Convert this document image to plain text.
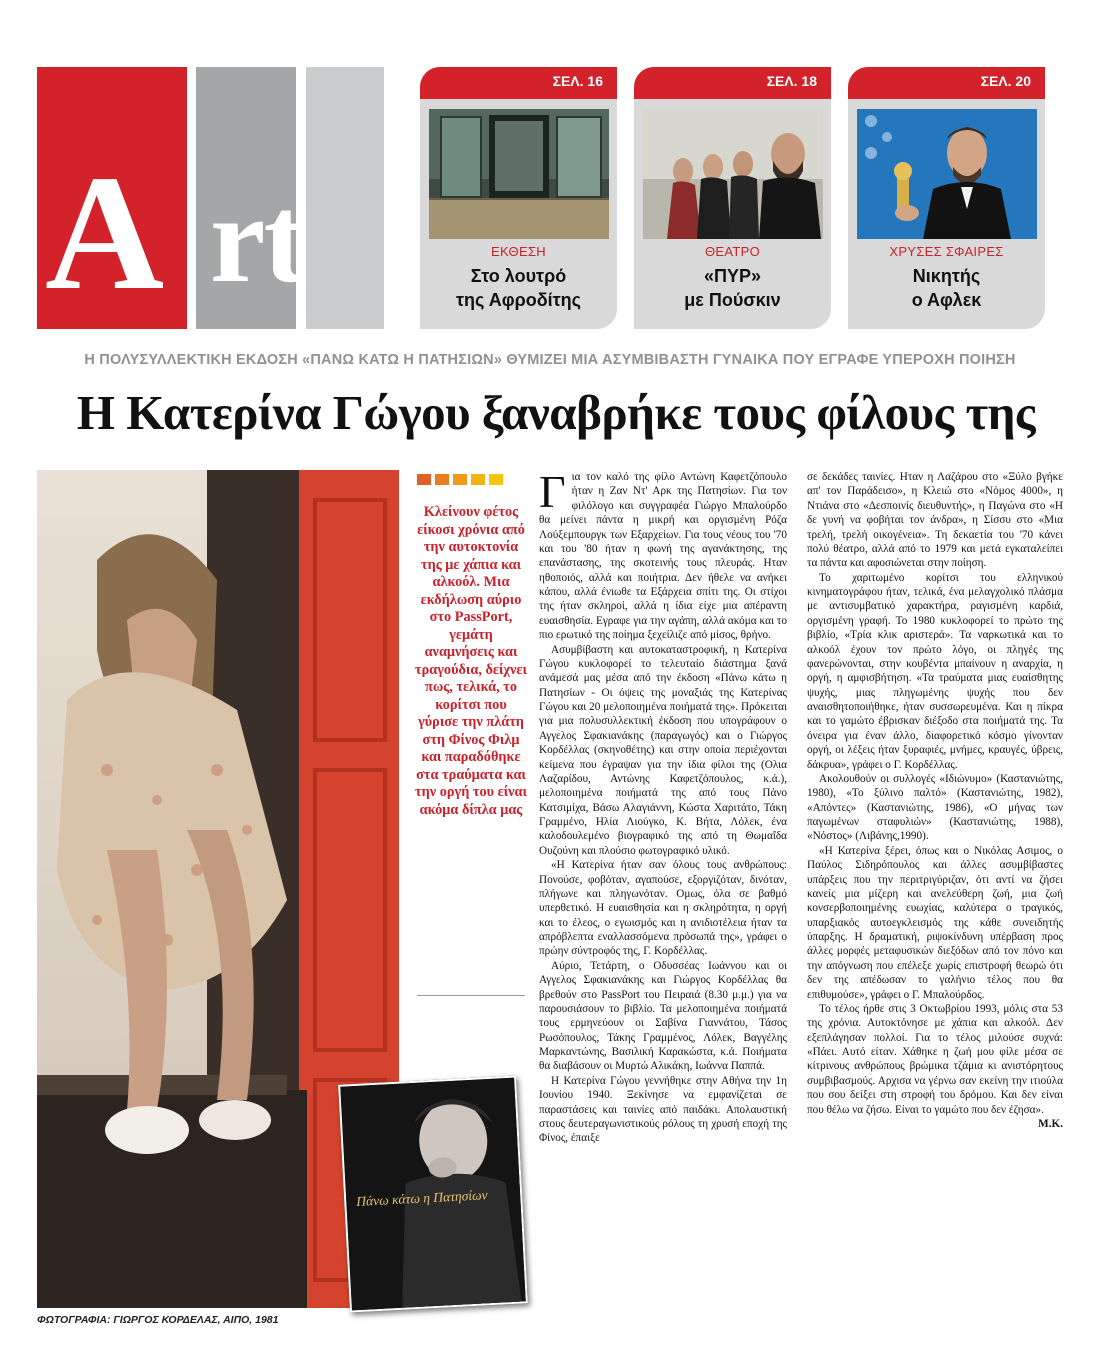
A rt
ΣΕΛ. 16
ΕΚΘΕΣΗ
Στο λουτρό
της Αφροδίτης
ΣΕΛ. 18
ΘΕΑΤΡΟ
«ΠΥΡ»
με Πούσκιν
ΣΕΛ. 20
ΧΡΥΣΕΣ ΣΦΑΙΡΕΣ
Νικητής
ο Αφλεκ
Η ΠΟΛΥΣΥΛΛΕΚΤΙΚΗ ΕΚΔΟΣΗ «ΠΑΝΩ ΚΑΤΩ Η ΠΑΤΗΣΙΩΝ» ΘΥΜΙΖΕΙ ΜΙΑ ΑΣΥΜΒΙΒΑΣΤΗ ΓΥΝΑΙΚΑ ΠΟΥ ΕΓΡΑΦΕ ΥΠΕΡΟΧΗ ΠΟΙΗΣΗ
Η Κατερίνα Γώγου ξαναβρήκε τους φίλους της
ΦΩΤΟΓΡΑΦΙΑ: ΓΙΩΡΓΟΣ ΚΟΡΔΕΛΑΣ, ΑΙΠΟ, 1981
Πάνω κάτω η Πατησίων
Κλείνουν φέτος είκοσι χρόνια από την αυτοκτονία της με χάπια και αλκοόλ. Μια εκδήλωση αύριο στο PassPort, γεμάτη αναμνήσεις και τραγούδια, δείχνει πως, τελικά, το κορίτσι που γύρισε την πλάτη στη Φίνος Φιλμ και παραδόθηκε στα τραύματα και την οργή του είναι ακόμα δίπλα μας

Για τον καλό της φίλο Αντώνη Καφετζόπουλο ήταν η Ζαν Ντ' Αρκ της Πατησίων. Για τον φιλόλογο και συγγραφέα Γιώργο Μπαλούρδο θα μείνει πάντα η μικρή και οργισμένη Ρόζα Λούξεμπουργκ των Εξαρχείων. Για τους νέους του '70 και του '80 ήταν η φωνή της αγανάκτησης, της επανάστασης, της σκοτεινής τους πλευράς. Ηταν ηθοποιός, αλλά και ποιήτρια. Δεν ήθελε να ανήκει κάπου, αλλά ένιωθε τα Εξάρχεια σπίτι της. Οι στίχοι της ήταν σκληροί, αλλά η ίδια είχε μια απέραντη ευαισθησία. Εγραφε για την αγάπη, αλλά ακόμα και το πιο ερωτικό της ποίημα ξεχείλιζε από μίσος, θρήνο.

Ασυμβίβαστη και αυτοκαταστροφική, η Κατερίνα Γώγου κυκλοφορεί το τελευταίο διάστημα ξανά ανάμεσά μας μέσα από την έκδοση «Πάνω κάτω η Πατησίων - Οι όψεις της μοναξιάς της Κατερίνας Γώγου και 20 μελοποιημένα ποιήματά της». Πρόκειται για μια πολυσυλλεκτική έκδοση που υπογράφουν ο Αγγελος Σφακιανάκης (παραγωγός) και ο Γιώργος Κορδέλλας (σκηνοθέτης) και στην οποία περιέχονται κείμενα που έγραψαν για την ίδια φίλοι της (Ολια Λαζαρίδου, Αντώνης Καφετζόπουλος, κ.ά.), μελοποιημένα ποιήματά της από τους Πάνο Κατσιμίχα, Βάσω Αλαγιάννη, Κώστα Χαριτάτο, Τάκη Γραμμένο, Ηλία Λιούγκο, Κ. Βήτα, Λόλεκ, ένα καλοδουλεμένο βιογραφικό της από τη Θωμαΐδα Ουζούνη και πλούσιο φωτογραφικό υλικό.

«Η Κατερίνα ήταν σαν όλους τους ανθρώπους: Πονούσε, φοβόταν, αγαπούσε, εξοργιζόταν, δινόταν, πλήγωνε και πληγωνόταν. Ομως, όλα σε βαθμό υπερθετικό. Η ευαισθησία και η σκληρότητα, η οργή και το έλεος, ο εγωισμός και η ανιδιοτέλεια ήταν τα απρόβλεπτα εναλλασσόμενα πρόσωπά της», γράφει ο πρώην σύντροφός της, Γ. Κορδέλλας.

Αύριο, Τετάρτη, ο Οδυσσέας Ιωάννου και οι Αγγελος Σφακιανάκης και Γιώργος Κορδέλλας θα βρεθούν στο PassPort του Πειραιά (8.30 μ.μ.) για να παρουσιάσουν το βιβλίο. Τα μελοποιημένα ποιήματά τους ερμηνεύουν οι Σαβίνα Γιαννάτου, Τάσος Ρωσόπουλος, Τάκης Γραμμένος, Λόλεκ, Βαγγέλης Μαρκαντώνης, Βασιλική Καρακώστα, κ.ά. Ποιήματα θα διαβάσουν οι Μυρτώ Αλικάκη, Ιωάννα Παππά.

Η Κατερίνα Γώγου γεννήθηκε στην Αθήνα την 1η Ιουνίου 1940. Ξεκίνησε να εμφανίζεται σε παραστάσεις και ταινίες από παιδάκι. Απολαυστική στους δευτεραγωνιστικούς ρόλους τη χρυσή εποχή της Φίνος, έπαιξε

σε δεκάδες ταινίες. Ηταν η Λαζάρου στο «Ξύλο βγήκε απ' τον Παράδεισο», η Κλειώ στο «Νόμος 4000», η Ντιάνα στο «Δεσποινίς διευθυντής», η Παγώνα στο «Η δε γυνή να φοβήται τον άνδρα», η Σίσσυ στο «Μια τρελή, τρελή οικογένεια». Τη δεκαετία του '70 κάνει πολύ θέατρο, αλλά από το 1979 και μετά εγκαταλείπει τα πάντα και αφοσιώνεται στην ποίηση.

Το χαριτωμένο κορίτσι του ελληνικού κινηματογράφου ήταν, τελικά, ένα μελαγχολικό πλάσμα με αντισυμβατικό χαρακτήρα, ραγισμένη καρδιά, οργισμένη γραφή. Το 1980 κυκλοφορεί το πρώτο της βιβλίο, «Τρία κλικ αριστερά». Τα ναρκωτικά και το αλκοόλ έχουν τον πρώτο λόγο, οι πληγές της φανερώνονται, στην κουβέντα μπαίνουν η αναρχία, η οργή, η αμφισβήτηση. «Τα τραύματα μιας ευαίσθητης ψυχής, μιας πληγωμένης ψυχής που δεν αναισθητοποιήθηκε, ήταν συσσωρευμένα. Και η πίκρα και το γαμώτο έβρισκαν διέξοδο στα ποιήματά της. Τα όνειρα για έναν άλλο, διαφορετικό κόσμο γίνονταν οργή, οι λέξεις ήταν ξυραφιές, μνήμες, κραυγές, ύβρεις, δάκρυα», γράφει ο Γ. Κορδέλλας.

Ακολουθούν οι συλλογές «Ιδιώνυμο» (Καστανιώτης, 1980), «Το ξύλινο παλτό» (Καστανιώτης, 1982), «Απόντες» (Καστανιώτης, 1986), «Ο μήνας των παγωμένων σταφυλιών» (Καστανιώτης, 1988), «Νόστος» (Λιβάνης,1990).

«Η Κατερίνα ξέρει, όπως και ο Νικόλας Ασιμος, ο Παύλος Σιδηρόπουλος και άλλες ασυμβίβαστες υπάρξεις που την περιτριγύριζαν, ότι αντί να ζήσει κανείς μια μίζερη και ανελεύθερη ζωή, μια ζωή κονσερβοποιημένης ευωχίας, καλύτερα ο τραγικός, υπαρξιακός αυτοεγκλεισμός της κάθε συνειδητής ύπαρξης. Η δραματική, ριψοκίνδυνη υπέρβαση προς άλλες μορφές μεταφυσικών διεξόδων από τον πόνο και την απόγνωση που επέλεξε χωρίς επιστροφή θεωρώ ότι δεν της απέδωσαν το γαλήνιο τέλος που θα επιθυμούσε», γράφει ο Γ. Μπαλούρδος.

Το τέλος ήρθε στις 3 Οκτωβρίου 1993, μόλις στα 53 της χρόνια. Αυτοκτόνησε με χάπια και αλκοόλ. Δεν εξεπλάγησαν πολλοί. Για το τέλος μιλούσε συχνά: «Πάει. Αυτό είταν. Χάθηκε η ζωή μου φίλε μέσα σε κίτρινους ανθρώπους βρώμικα τζάμια κι ανιστόρητους συμβιβασμούς. Αρχισα να γέρνω σαν εκείνη την ιτιούλα που σου δείξει στη στροφή του δρόμου. Και δεν είναι που θέλω να ζήσω. Είναι το γαμώτο που δεν έζησα».

Μ.Κ.
